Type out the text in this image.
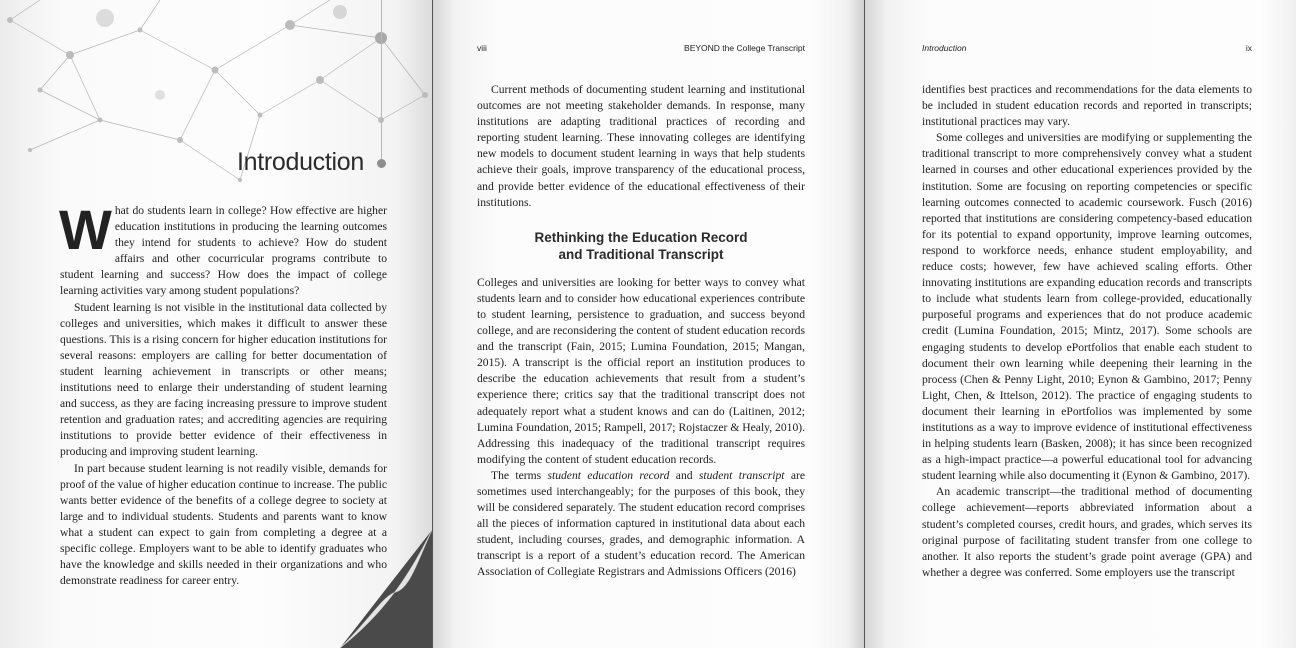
Introduction

What do students learn in college? How effective are higher education institutions in producing the learning outcomes they intend for students to achieve? How do student affairs and other cocurricular programs contribute to student learning and success? How does the impact of college learning activities vary among student populations?

Student learning is not visible in the institutional data collected by colleges and universities, which makes it difficult to answer these questions. This is a rising concern for higher education institutions for several reasons: employers are calling for better documentation of student learning achievement in transcripts or other means; institutions need to enlarge their understanding of student learning and success, as they are facing increasing pressure to improve student retention and graduation rates; and accrediting agencies are requiring institutions to provide better evidence of their effectiveness in producing and improving student learning.

In part because student learning is not readily visible, demands for proof of the value of higher education continue to increase. The public wants better evidence of the benefits of a college degree to society at large and to individual students. Students and parents want to know what a student can expect to gain from completing a degree at a specific college. Employers want to be able to identify graduates who have the knowledge and skills needed in their organizations and who demonstrate readiness for career entry.

viii	BEYOND the College Transcript

Current methods of documenting student learning and institutional outcomes are not meeting stakeholder demands. In response, many institutions are adapting traditional practices of recording and reporting student learning. These innovating colleges are identifying new models to document student learning in ways that help students achieve their goals, improve transparency of the educational process, and provide better evidence of the educational effectiveness of their institutions.

Rethinking the Education Record
and Traditional Transcript

Colleges and universities are looking for better ways to convey what students learn and to consider how educational experiences contribute to student learning, persistence to graduation, and success beyond college, and are reconsidering the content of student education records and the transcript (Fain, 2015; Lumina Foundation, 2015; Mangan, 2015). A transcript is the official report an institution produces to describe the education achievements that result from a student’s experience there; critics say that the traditional transcript does not adequately report what a student knows and can do (Laitinen, 2012; Lumina Foundation, 2015; Rampell, 2017; Rojstaczer & Healy, 2010). Addressing this inadequacy of the traditional transcript requires modifying the content of student education records.

The terms student education record and student transcript are sometimes used interchangeably; for the purposes of this book, they will be considered separately. The student education record comprises all the pieces of information captured in institutional data about each student, including courses, grades, and demographic information. A transcript is a report of a student’s education record. The American Association of Collegiate Registrars and Admissions Officers (2016)

Introduction	ix

identifies best practices and recommendations for the data elements to be included in student education records and reported in transcripts; institutional practices may vary.

Some colleges and universities are modifying or supplementing the traditional transcript to more comprehensively convey what a student learned in courses and other educational experiences provided by the institution. Some are focusing on reporting competencies or specific learning outcomes connected to academic coursework. Fusch (2016) reported that institutions are considering competency-based education for its potential to expand opportunity, improve learning outcomes, respond to workforce needs, enhance student employability, and reduce costs; however, few have achieved scaling efforts. Other innovating institutions are expanding education records and transcripts to include what students learn from college-provided, educationally purposeful programs and experiences that do not produce academic credit (Lumina Foundation, 2015; Mintz, 2017). Some schools are engaging students to develop ePortfolios that enable each student to document their own learning while deepening their learning in the process (Chen & Penny Light, 2010; Eynon & Gambino, 2017; Penny Light, Chen, & Ittelson, 2012). The practice of engaging students to document their learning in ePortfolios was implemented by some institutions as a way to improve evidence of institutional effectiveness in helping students learn (Basken, 2008); it has since been recognized as a high-impact practice—a powerful educational tool for advancing student learning while also documenting it (Eynon & Gambino, 2017).

An academic transcript—the traditional method of documenting college achievement—reports abbreviated information about a student’s completed courses, credit hours, and grades, which serves its original purpose of facilitating student transfer from one college to another. It also reports the student’s grade point average (GPA) and whether a degree was conferred. Some employers use the transcript
